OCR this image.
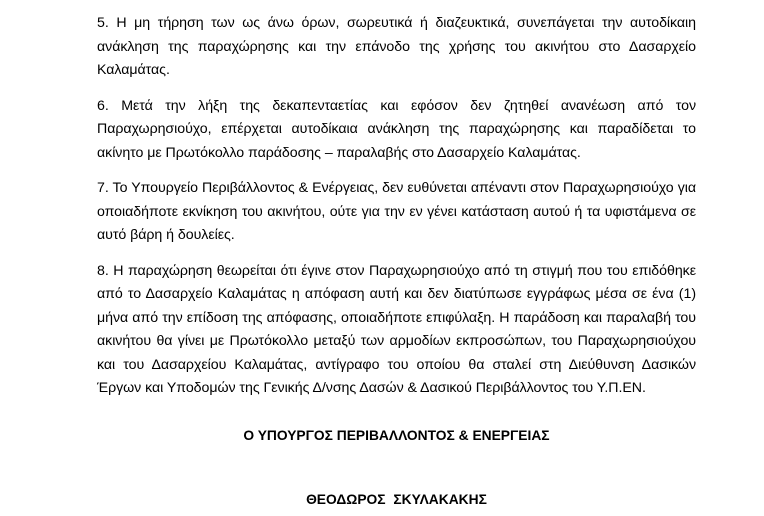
5. Η μη τήρηση των ως άνω όρων, σωρευτικά ή διαζευκτικά, συνεπάγεται την αυτοδίκαιη ανάκληση της παραχώρησης και την επάνοδο της χρήσης του ακινήτου στο Δασαρχείο Καλαμάτας.

6. Μετά την λήξη της δεκαπενταετίας και εφόσον δεν ζητηθεί ανανέωση από τον Παραχωρησιούχο, επέρχεται αυτοδίκαια ανάκληση της παραχώρησης και παραδίδεται το ακίνητο με Πρωτόκολλο παράδοσης – παραλαβής στο Δασαρχείο Καλαμάτας.

7. Το Υπουργείο Περιβάλλοντος & Ενέργειας, δεν ευθύνεται απέναντι στον Παραχωρησιούχο για οποιαδήποτε εκνίκηση του ακινήτου, ούτε για την εν γένει κατάσταση αυτού ή τα υφιστάμενα σε αυτό βάρη ή δουλείες.

8. Η παραχώρηση θεωρείται ότι έγινε στον Παραχωρησιούχο από τη στιγμή που του επιδόθηκε από το Δασαρχείο Καλαμάτας η απόφαση αυτή και δεν διατύπωσε εγγράφως μέσα σε ένα (1) μήνα από την επίδοση της απόφασης, οποιαδήποτε επιφύλαξη. Η παράδοση και παραλαβή του ακινήτου θα γίνει με Πρωτόκολλο μεταξύ των αρμοδίων εκπροσώπων, του Παραχωρησιούχου και του Δασαρχείου Καλαμάτας, αντίγραφο του οποίου θα σταλεί στη Διεύθυνση Δασικών Έργων και Υποδομών της Γενικής Δ/νσης Δασών & Δασικού Περιβάλλοντος του Υ.Π.ΕΝ.

Ο ΥΠΟΥΡΓΟΣ ΠΕΡΙΒΑΛΛΟΝΤΟΣ & ΕΝΕΡΓΕΙΑΣ
ΘΕΟΔΩΡΟΣ ΣΚΥΛΑΚΑΚΗΣ
